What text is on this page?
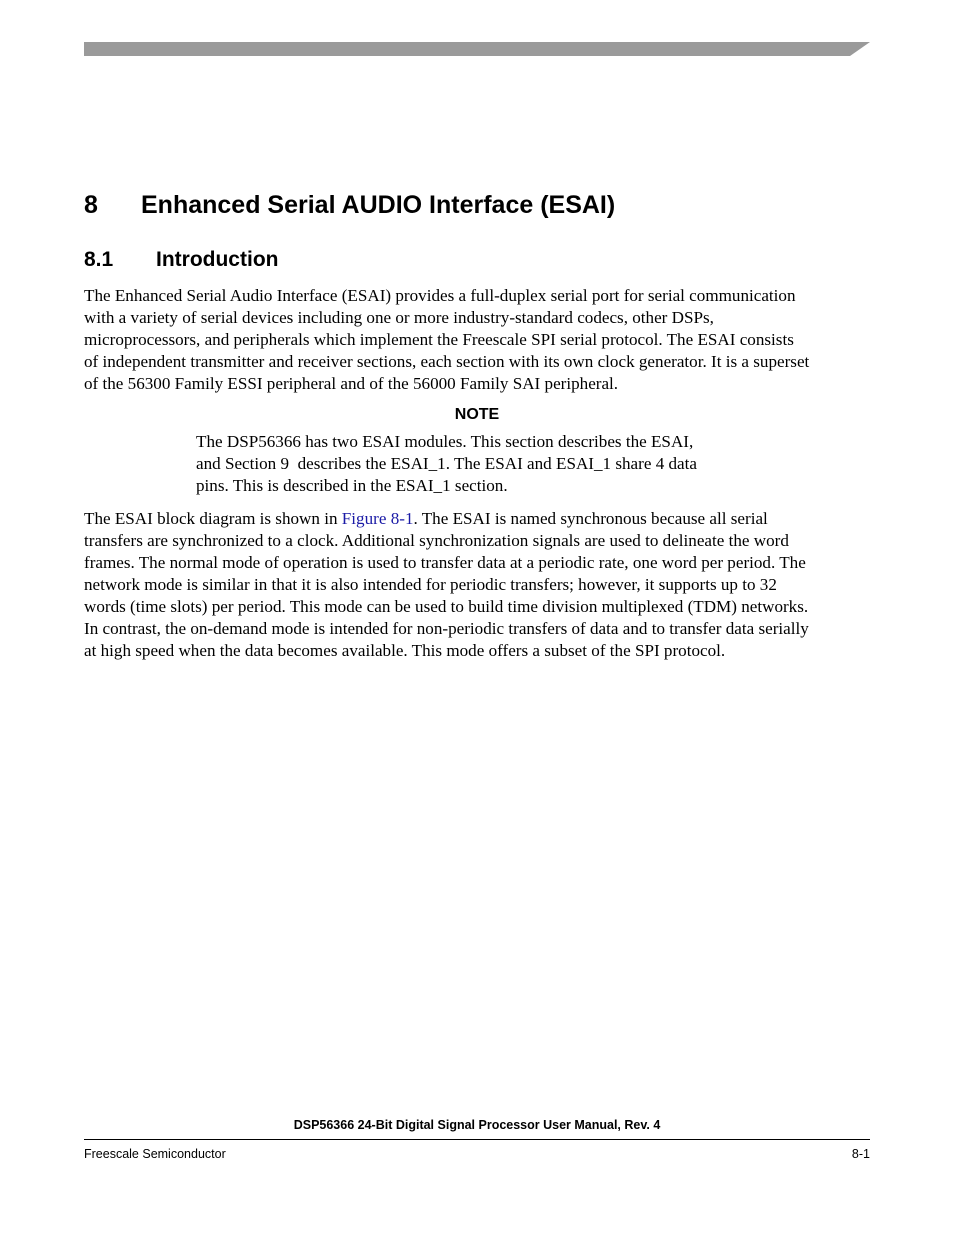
8 Enhanced Serial AUDIO Interface (ESAI)
8.1 Introduction

The Enhanced Serial Audio Interface (ESAI) provides a full-duplex serial port for serial communication
with a variety of serial devices including one or more industry-standard codecs, other DSPs,
microprocessors, and peripherals which implement the Freescale SPI serial protocol. The ESAI consists
of independent transmitter and receiver sections, each section with its own clock generator. It is a superset
of the 56300 Family ESSI peripheral and of the 56000 Family SAI peripheral.

NOTE

The DSP56366 has two ESAI modules. This section describes the ESAI,
and Section 9  describes the ESAI_1. The ESAI and ESAI_1 share 4 data
pins. This is described in the ESAI_1 section.

The ESAI block diagram is shown in Figure 8-1. The ESAI is named synchronous because all serial
transfers are synchronized to a clock. Additional synchronization signals are used to delineate the word
frames. The normal mode of operation is used to transfer data at a periodic rate, one word per period. The
network mode is similar in that it is also intended for periodic transfers; however, it supports up to 32
words (time slots) per period. This mode can be used to build time division multiplexed (TDM) networks.
In contrast, the on-demand mode is intended for non-periodic transfers of data and to transfer data serially
at high speed when the data becomes available. This mode offers a subset of the SPI protocol.

DSP56366 24-Bit Digital Signal Processor User Manual, Rev. 4
Freescale Semiconductor	8-1
